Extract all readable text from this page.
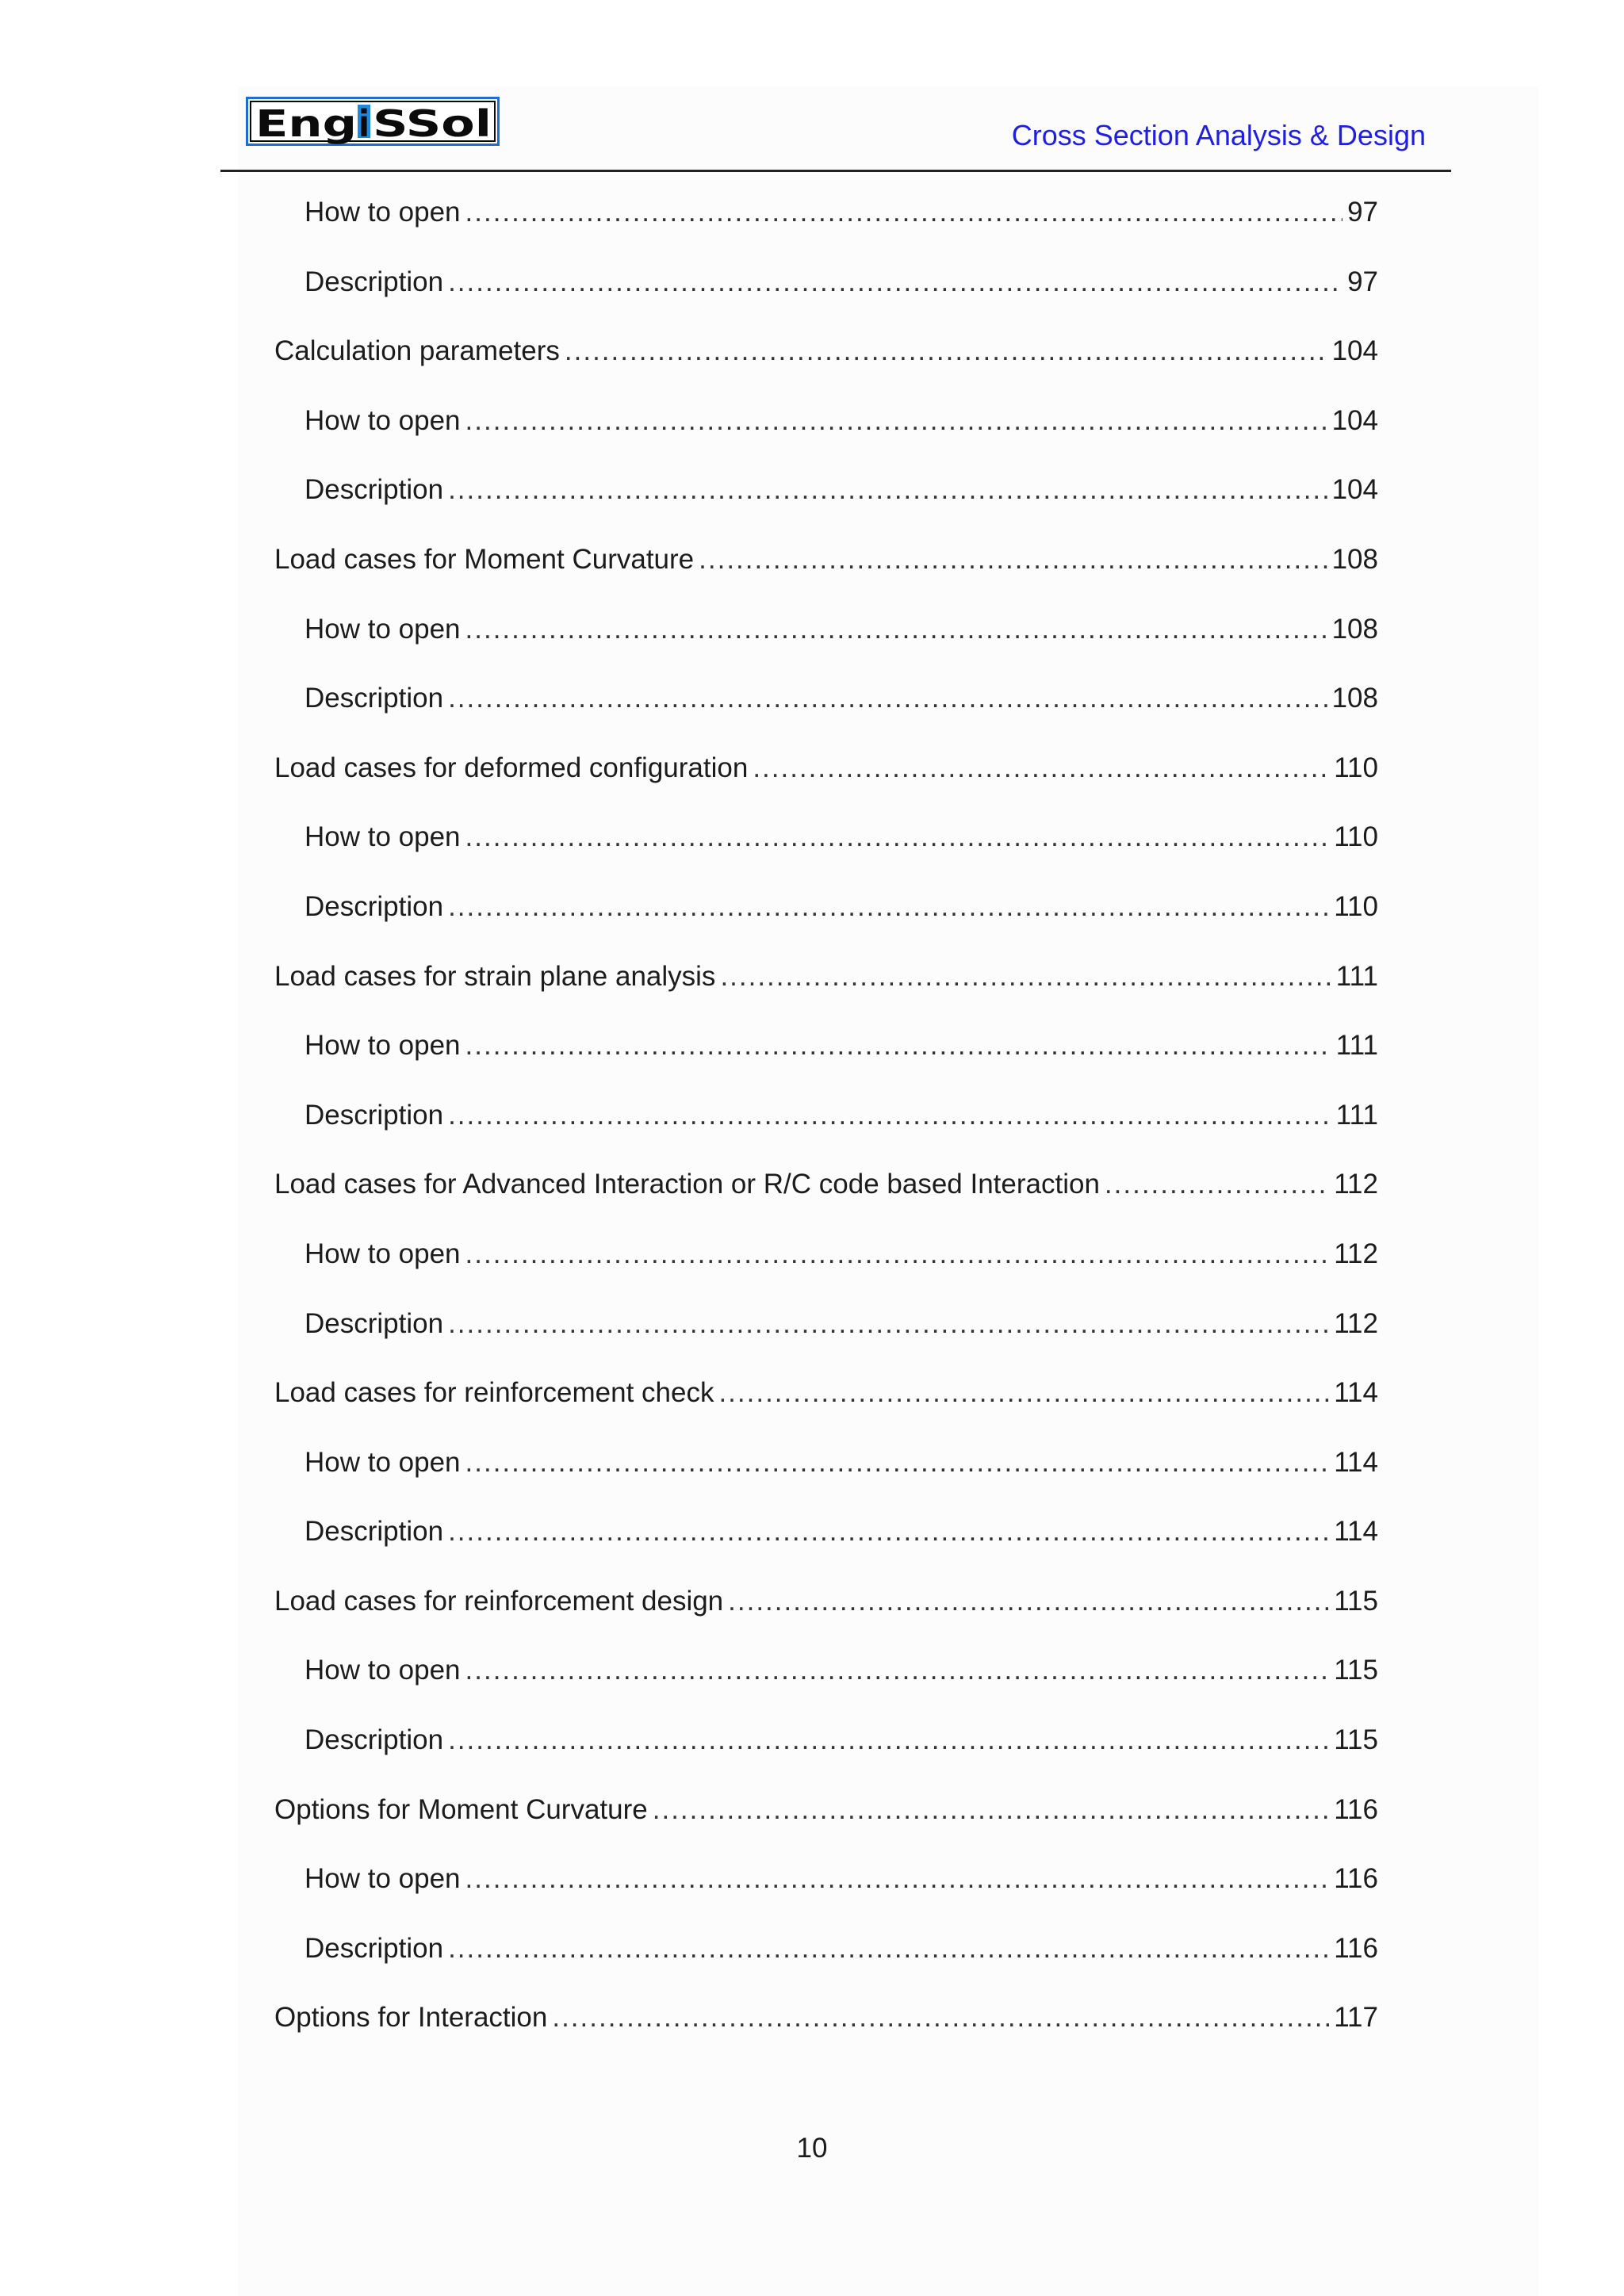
Eng i SSol	Cross Section Analysis & Design
How to open .....	97
Description .....	97
Calculation parameters .....	104
How to open .....	104
Description .....	104
Load cases for Moment Curvature .....	108
How to open .....	108
Description .....	108
Load cases for deformed configuration .....	110
How to open .....	110
Description .....	110
Load cases for strain plane analysis .....	111
How to open .....	111
Description .....	111
Load cases for Advanced Interaction or R/C code based Interaction .....	112
How to open .....	112
Description .....	112
Load cases for reinforcement check .....	114
How to open .....	114
Description .....	114
Load cases for reinforcement design .....	115
How to open .....	115
Description .....	115
Options for Moment Curvature .....	116
How to open .....	116
Description .....	116
Options for Interaction .....	117
10
